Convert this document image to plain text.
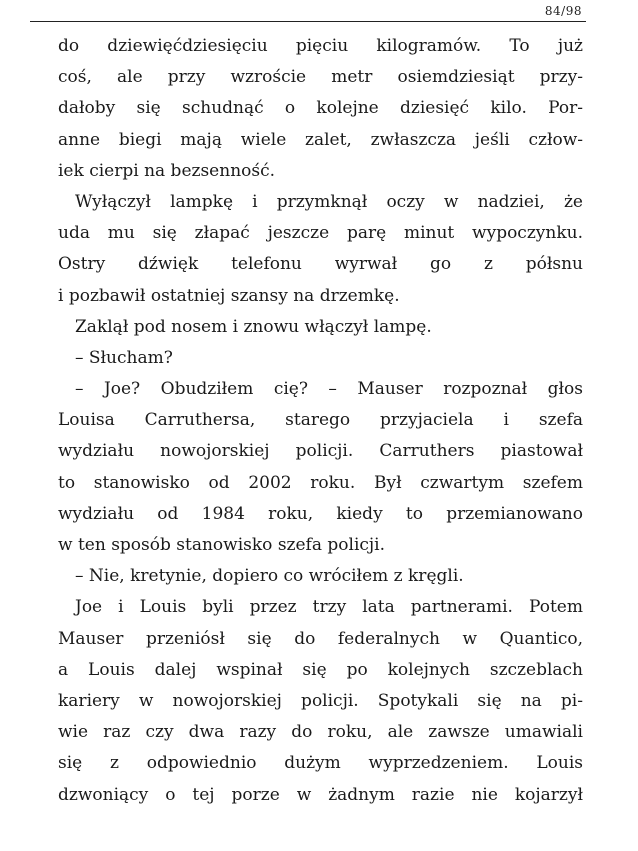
84/98
do dziewięćdziesięciu pięciu kilogramów. To już
coś, ale przy wzroście metr osiemdziesiąt przy-
dałoby się schudnąć o kolejne dziesięć kilo. Por-
anne biegi mają wiele zalet, zwłaszcza jeśli człow-
iek cierpi na bezsenność.
Wyłączył lampkę i przymknął oczy w nadziei, że
uda mu się złapać jeszcze parę minut wypoczynku.
Ostry dźwięk telefonu wyrwał go z półsnu
i pozbawił ostatniej szansy na drzemkę.
Zaklął pod nosem i znowu włączył lampę.
– Słucham?
– Joe? Obudziłem cię? – Mauser rozpoznał głos
Louisa Carruthersa, starego przyjaciela i szefa
wydziału nowojorskiej policji. Carruthers piastował
to stanowisko od 2002 roku. Był czwartym szefem
wydziału od 1984 roku, kiedy to przemianowano
w ten sposób stanowisko szefa policji.
– Nie, kretynie, dopiero co wróciłem z kręgli.
Joe i Louis byli przez trzy lata partnerami. Potem
Mauser przeniósł się do federalnych w Quantico,
a Louis dalej wspinał się po kolejnych szczeblach
kariery w nowojorskiej policji. Spotykali się na pi-
wie raz czy dwa razy do roku, ale zawsze umawiali
się z odpowiednio dużym wyprzedzeniem. Louis
dzwoniący o tej porze w żadnym razie nie kojarzył
